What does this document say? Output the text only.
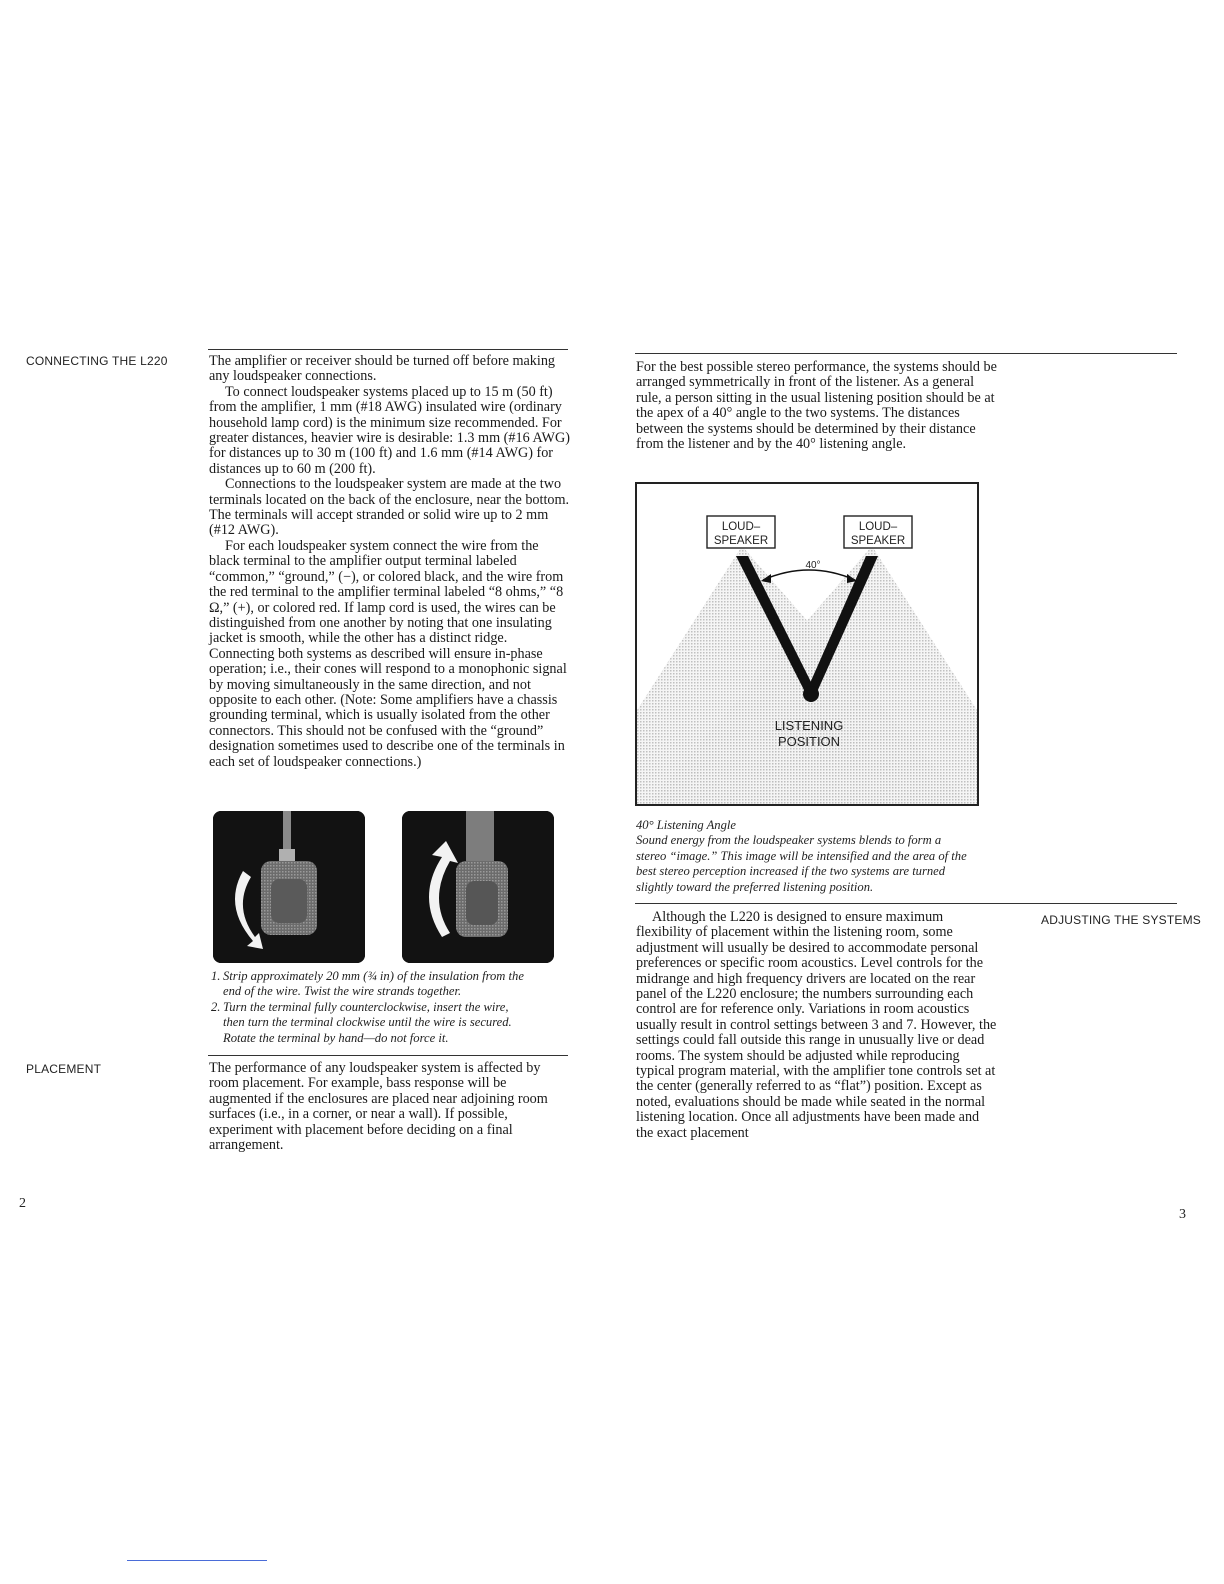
CONNECTING THE L220	The amplifier or receiver should be turned off before making any loudspeaker connections.

To connect loudspeaker systems placed up to 15 m (50 ft) from the amplifier, 1 mm (#18 AWG) insulated wire (ordinary household lamp cord) is the minimum size recommended. For greater distances, heavier wire is desirable: 1.3 mm (#16 AWG) for distances up to 30 m (100 ft) and 1.6 mm (#14 AWG) for distances up to 60 m (200 ft).

Connections to the loudspeaker system are made at the two terminals located on the back of the enclosure, near the bottom. The terminals will accept stranded or solid wire up to 2 mm (#12 AWG).

For each loudspeaker system connect the wire from the black terminal to the amplifier output terminal labeled “common,” “ground,” (−), or colored black, and the wire from the red terminal to the amplifier terminal labeled “8 ohms,” “8 Ω,” (+), or colored red. If lamp cord is used, the wires can be distinguished from one another by noting that one insulating jacket is smooth, while the other has a distinct ridge. Connecting both systems as described will ensure in-phase operation; i.e., their cones will respond to a monophonic signal by moving simultaneously in the same direction, and not opposite to each other. (Note: Some amplifiers have a chassis grounding terminal, which is usually isolated from the other connectors. This should not be confused with the “ground” designation sometimes used to describe one of the terminals in each set of loudspeaker connections.)

1. Strip approximately 20 mm (¾ in) of the insulation from the

end of the wire. Twist the wire strands together.

2. Turn the terminal fully counterclockwise, insert the wire,

then turn the terminal clockwise until the wire is secured.

Rotate the terminal by hand—do not force it.

PLACEMENT	The performance of any loudspeaker system is affected by room placement. For example, bass response will be augmented if the enclosures are placed near adjoining room surfaces (i.e., in a corner, or near a wall). If possible, experiment with placement before deciding on a final arrangement.

2

For the best possible stereo performance, the systems should be arranged symmetrically in front of the listener. As a general rule, a person sitting in the usual listening position should be at the apex of a 40° angle to the two systems. The distances between the systems should be determined by their distance from the listener and by the 40° listening angle.

LOUD–
SPEAKER
LOUD–
SPEAKER
40°
LISTENING
POSITION

40° Listening Angle

Sound energy from the loudspeaker systems blends to form a

stereo “image.” This image will be intensified and the area of the

best stereo perception increased if the two systems are turned

slightly toward the preferred listening position.

ADJUSTING THE SYSTEMS

Although the L220 is designed to ensure maximum flexibility of placement within the listening room, some adjustment will usually be desired to accommodate personal preferences or specific room acoustics. Level controls for the midrange and high frequency drivers are located on the rear panel of the L220 enclosure; the numbers surrounding each control are for reference only. Variations in room acoustics usually result in control settings between 3 and 7. However, the settings could fall outside this range in unusually live or dead rooms. The system should be adjusted while reproducing typical program material, with the amplifier tone controls set at the center (generally referred to as “flat”) position. Except as noted, evaluations should be made while seated in the normal listening location. Once all adjustments have been made and the exact placement

3
